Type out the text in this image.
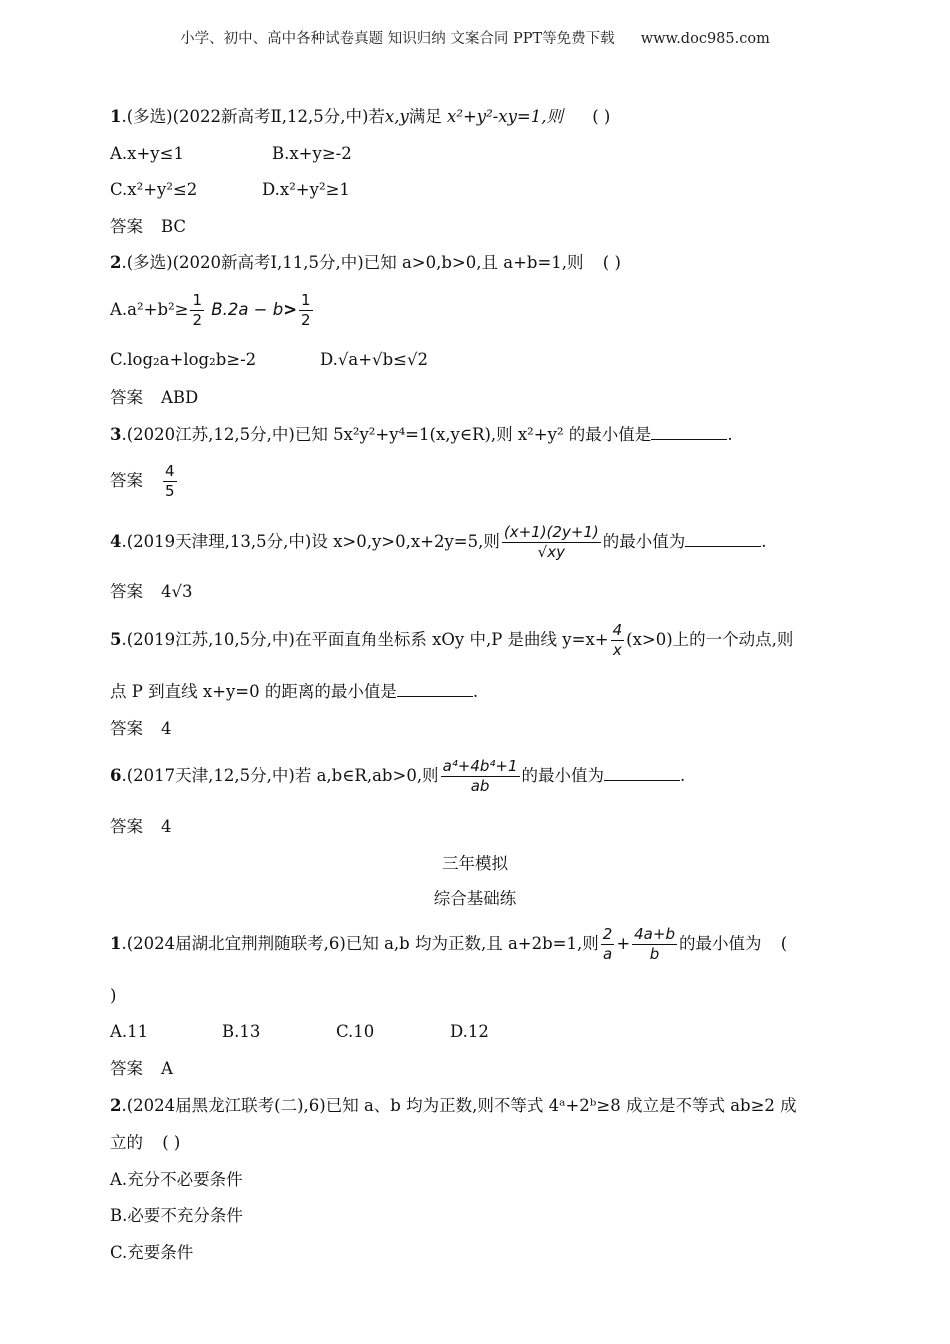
小学、初中、高中各种试卷真题 知识归纳 文案合同 PPT等免费下载 www.doc985.com
1.(多选)(2022新高考Ⅱ,12,5分,中)若x,y满足 x²+y²-xy=1,则 ( )
A.x+y≤1	B.x+y≥-2
C.x²+y²≤2	D.x²+y²≥1
答案 BC
2.(多选)(2020新高考Ⅰ,11,5分,中)已知 a>0,b>0,且 a+b=1,则 ( )
$A.a^2+b^2\ge \frac{1}{2} B.2a - b> \frac{1}{2}$
C.log₂a+log₂b≥-2	D.√a+√b≤√2
答案 ABD
3.(2020江苏,12,5分,中)已知 5x²y²+y⁴=1(x,y∈R),则 x²+y² 的最小值是	.
答案 $\frac{4}{5}$
4.(2019天津理,13,5分,中)设 x>0,y>0,x+2y=5,则 $\frac{(x+1)(2y+1)}{√xy}$ 的最小值为	.
答案 4√3
5.(2019江苏,10,5分,中)在平面直角坐标系 xOy 中,P 是曲线 $y=x+ \frac{4}{x} (x>0)$上的一个动点,则
点 P 到直线 x+y=0 的距离的最小值是	.
答案 4
6.(2017天津,12,5分,中)若 a,b∈R,ab>0,则 $\frac{\text{a⁴+4b⁴+1}}{ab}$ 的最小值为	.
答案 4
三年模拟
综合基础练
1.(2024届湖北宜荆荆随联考,6)已知 a,b 均为正数,且 a+2b=1,则 $\frac{2}{a} + \frac{4a+b}{b}$ 的最小值为 (
)
A.11	B.13	C.10	D.12
答案 A
2.(2024届黑龙江联考(二),6)已知 a、b 均为正数,则不等式 4ᵃ+2ᵇ≥8 成立是不等式 ab≥2 成
立的 ( )
A.充分不必要条件
B.必要不充分条件
C.充要条件
